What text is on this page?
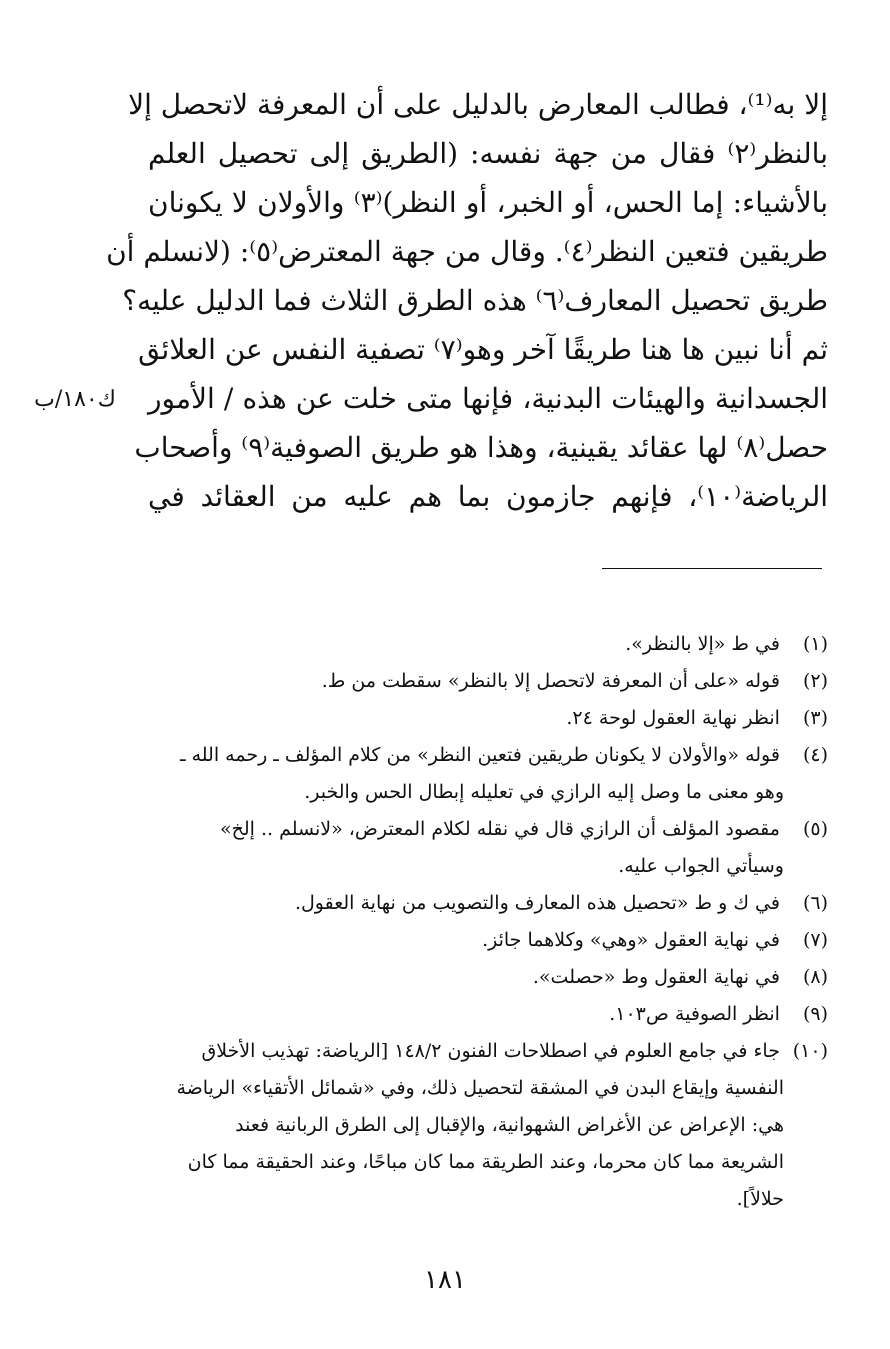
إلا به⁽¹⁾، فطالب المعارض بالدليل على أن المعرفة لاتحصل إلا
بالنظر⁽٢⁾ فقال من جهة نفسه: (الطريق إلى تحصيل العلم
بالأشياء: إما الحس، أو الخبر، أو النظر)⁽٣⁾ والأولان لا يكونان
طريقين فتعين النظر⁽٤⁾. وقال من جهة المعترض⁽٥⁾: (لانسلم أن
طريق تحصيل المعارف⁽٦⁾ هذه الطرق الثلاث فما الدليل عليه؟
ثم أنا نبين ها هنا طريقًا آخر وهو⁽٧⁾ تصفية النفس عن العلائق
الجسدانية والهيئات البدنية، فإنها متى خلت عن هذه / الأمور
حصل⁽٨⁾ لها عقائد يقينية، وهذا هو طريق الصوفية⁽٩⁾ وأصحاب
الرياضة⁽١٠⁾، فإنهم جازمون بما هم عليه من العقائد في
ك١٨٠/ب
(١) في ط «إلا بالنظر».
(٢) قوله «على أن المعرفة لاتحصل إلا بالنظر» سقطت من ط.
(٣) انظر نهاية العقول لوحة ٢٤.
(٤) قوله «والأولان لا يكونان طريقين فتعين النظر» من كلام المؤلف ـ رحمه الله ـ
وهو معنى ما وصل إليه الرازي في تعليله إبطال الحس والخبر.
(٥) مقصود المؤلف أن الرازي قال في نقله لكلام المعترض، «لانسلم .. إلخ»
وسيأتي الجواب عليه.
(٦) في ك و ط «تحصيل هذه المعارف والتصويب من نهاية العقول.
(٧) في نهاية العقول «وهي» وكلاهما جائز.
(٨) في نهاية العقول وط «حصلت».
(٩) انظر الصوفية ص١٠٣.
(١٠) جاء في جامع العلوم في اصطلاحات الفنون ١٤٨/٢ [الرياضة: تهذيب الأخلاق
النفسية وإيقاع البدن في المشقة لتحصيل ذلك، وفي «شمائل الأتقياء» الرياضة
هي: الإعراض عن الأغراض الشهوانية، والإقبال إلى الطرق الربانية فعند
الشريعة مما كان محرما، وعند الطريقة مما كان مباحًا، وعند الحقيقة مما كان
حلالاً].
١٨١
